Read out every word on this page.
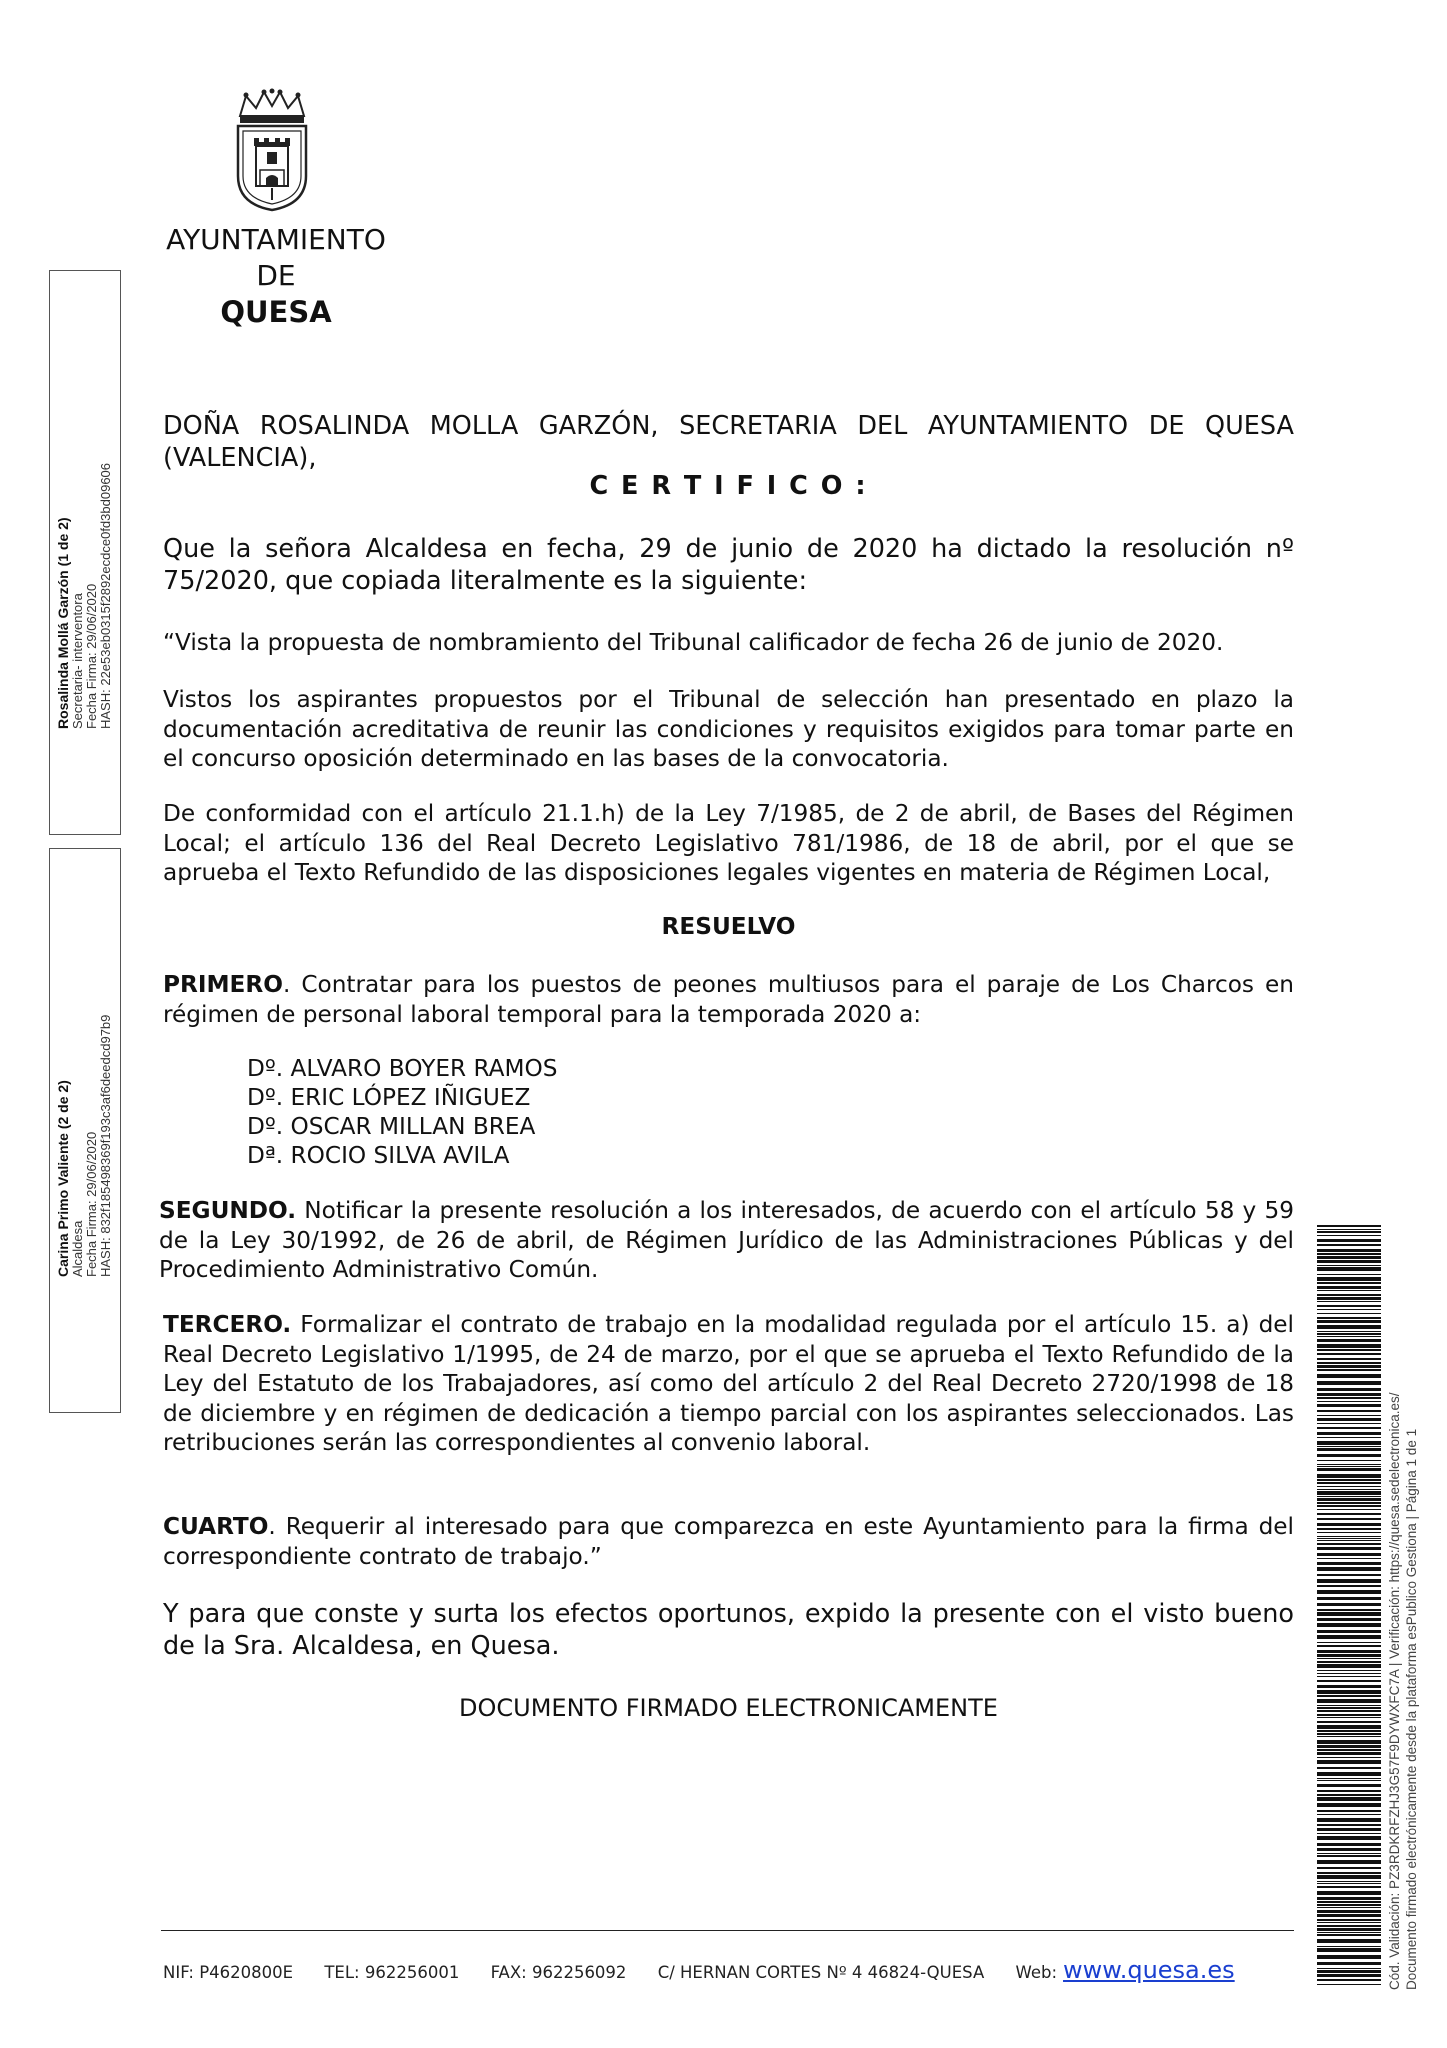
AYUNTAMIENTO
DE
QUESA
Rosalinda Mollá Garzón (1 de 2)
Secretaria- interventora
Fecha Firma: 29/06/2020
HASH: 22e53eb0315f2892ecdce0fd3bd09606
Carina Primo Valiente (2 de 2)
Alcaldesa
Fecha Firma: 29/06/2020
HASH: 832f185498369f193c3af6deedcd97b9
Cód. Validación: PZ3RDKRFZHJ3G57F9DYWXFC7A | Verificación: https://quesa.sedelectronica.es/ Documento firmado electrónicamente desde la plataforma esPublico Gestiona | Página 1 de 1
DOÑA ROSALINDA MOLLA GARZÓN, SECRETARIA DEL AYUNTAMIENTO DE QUESA (VALENCIA),
C E R T I F I C O :
Que la señora Alcaldesa en fecha, 29 de junio de 2020 ha dictado la resolución nº 75/2020, que copiada literalmente es la siguiente:
“Vista la propuesta de nombramiento del Tribunal calificador de fecha 26 de junio de 2020.
Vistos los aspirantes propuestos por el Tribunal de selección han presentado en plazo la documentación acreditativa de reunir las condiciones y requisitos exigidos para tomar parte en el concurso oposición determinado en las bases de la convocatoria.
De conformidad con el artículo 21.1.h) de la Ley 7/1985, de 2 de abril, de Bases del Régimen Local; el artículo 136 del Real Decreto Legislativo 781/1986, de 18 de abril, por el que se aprueba el Texto Refundido de las disposiciones legales vigentes en materia de Régimen Local,
RESUELVO
PRIMERO. Contratar para los puestos de peones multiusos para el paraje de Los Charcos en régimen de personal laboral temporal para la temporada 2020 a:
Dº. ALVARO BOYER RAMOS
Dº. ERIC LÓPEZ IÑIGUEZ
Dº. OSCAR MILLAN BREA
Dª. ROCIO SILVA AVILA
SEGUNDO. Notificar la presente resolución a los interesados, de acuerdo con el artículo 58 y 59 de la Ley 30/1992, de 26 de abril, de Régimen Jurídico de las Administraciones Públicas y del Procedimiento Administrativo Común.
TERCERO. Formalizar el contrato de trabajo en la modalidad regulada por el artículo 15. a) del Real Decreto Legislativo 1/1995, de 24 de marzo, por el que se aprueba el Texto Refundido de la Ley del Estatuto de los Trabajadores, así como del artículo 2 del Real Decreto 2720/1998 de 18 de diciembre y en régimen de dedicación a tiempo parcial con los aspirantes seleccionados. Las retribuciones serán las correspondientes al convenio laboral.
CUARTO. Requerir al interesado para que comparezca en este Ayuntamiento para la firma del correspondiente contrato de trabajo.”
Y para que conste y surta los efectos oportunos, expido la presente con el visto bueno de la Sra. Alcaldesa, en Quesa.
DOCUMENTO FIRMADO ELECTRONICAMENTE
NIF: P4620800E TEL: 962256001 FAX: 962256092 C/ HERNAN CORTES Nº 4 46824-QUESA Web: www.quesa.es
